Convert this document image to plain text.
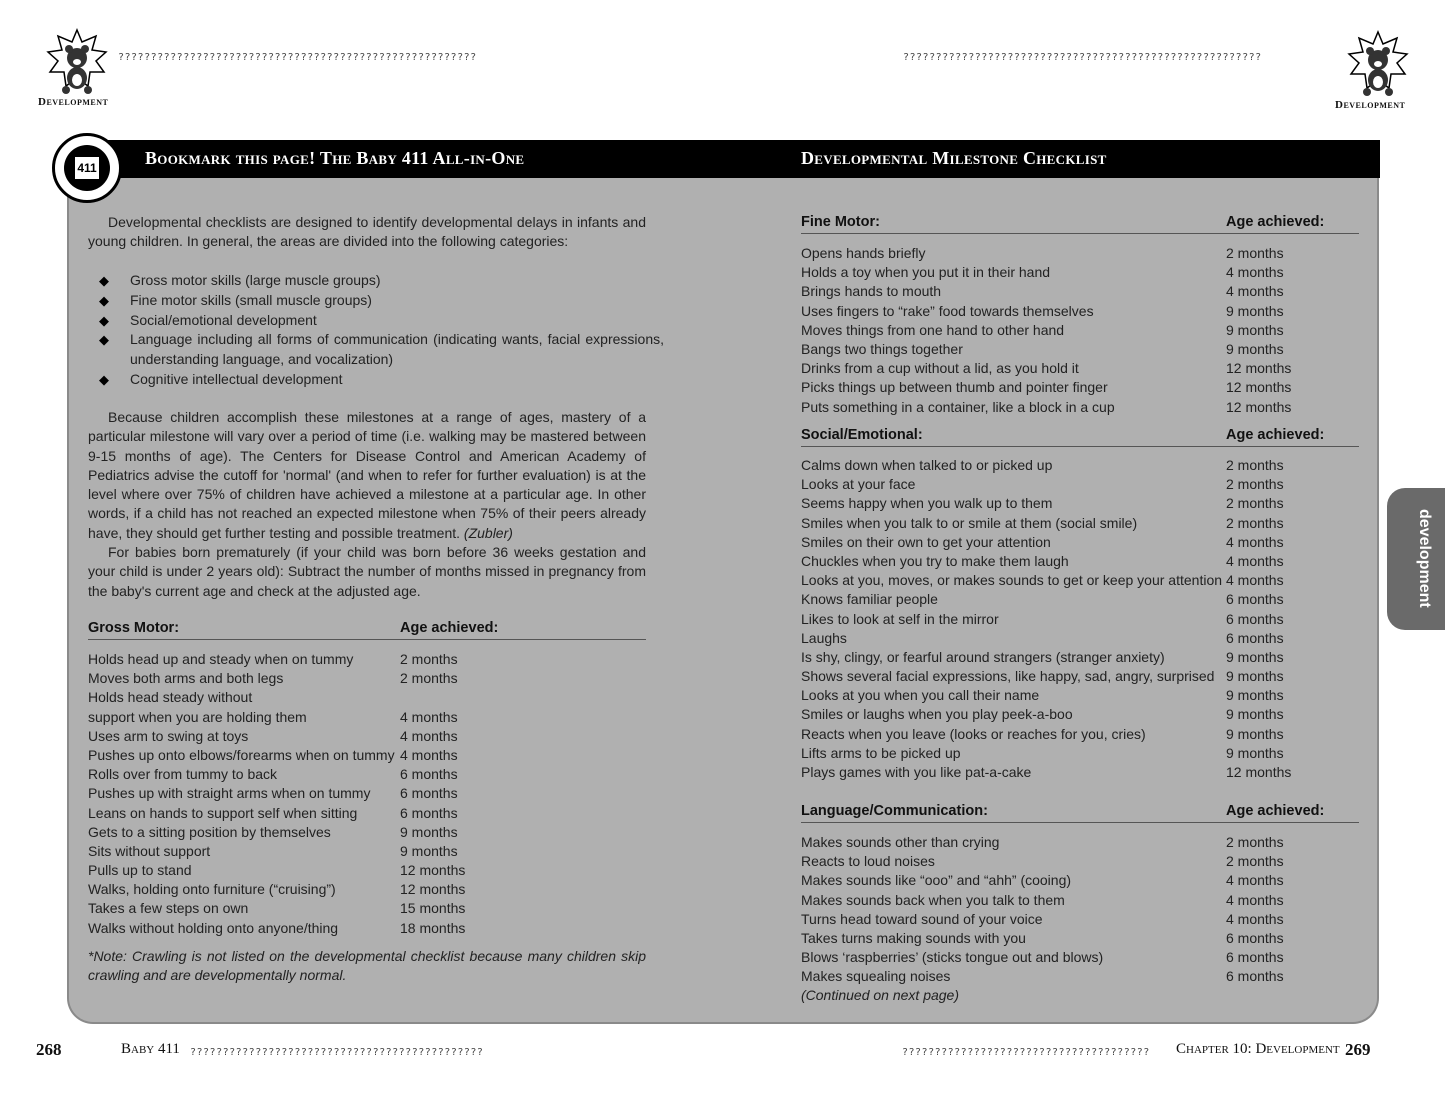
Development
???????????????????????????????????????????????????????	???????????????????????????????????????????????????????
Development
Bookmark this page! The Baby 411 All-in-One	Developmental Milestone Checklist
411
development
Developmental checklists are designed to identify developmental delays in infants and young children. In general, the areas are divided into the following categories:
◆ Gross motor skills (large muscle groups)
◆ Fine motor skills (small muscle groups)
◆ Social/emotional development
◆ Language including all forms of communication (indicating wants, facial expressions, understanding language, and vocalization)
◆ Cognitive intellectual development
Because children accomplish these milestones at a range of ages, mastery of a particular milestone will vary over a period of time (i.e. walking may be mastered between 9-15 months of age). The Centers for Disease Control and American Academy of Pediatrics advise the cutoff for 'normal' (and when to refer for further evaluation) is at the level where over 75% of children have achieved a milestone at a particular age. In other words, if a child has not reached an expected milestone when 75% of their peers already have, they should get further testing and possible treatment. (Zubler)
For babies born prematurely (if your child was born before 36 weeks gestation and your child is under 2 years old): Subtract the number of months missed in pregnancy from the baby's current age and check at the adjusted age.
Gross Motor:	Age achieved:
Holds head up and steady when on tummy	2 months
Moves both arms and both legs	2 months
Holds head steady without
support when you are holding them	4 months
Uses arm to swing at toys	4 months
Pushes up onto elbows/forearms when on tummy 4 months
Rolls over from tummy to back	6 months
Pushes up with straight arms when on tummy 6 months
Leans on hands to support self when sitting	6 months
Gets to a sitting position by themselves	9 months
Sits without support	9 months
Pulls up to stand	12 months
Walks, holding onto furniture (“cruising”)	12 months
Takes a few steps on own	15 months
Walks without holding onto anyone/thing	18 months
*Note: Crawling is not listed on the developmental checklist because many children skip crawling and are developmentally normal.
Fine Motor:	Age achieved:
Opens hands briefly	2 months
Holds a toy when you put it in their hand	4 months
Brings hands to mouth	4 months
Uses fingers to “rake” food towards themselves	9 months
Moves things from one hand to other hand	9 months
Bangs two things together	9 months
Drinks from a cup without a lid, as you hold it	12 months
Picks things up between thumb and pointer finger	12 months
Puts something in a container, like a block in a cup	12 months
Social/Emotional:	Age achieved:
Calms down when talked to or picked up	2 months
Looks at your face	2 months
Seems happy when you walk up to them	2 months
Smiles when you talk to or smile at them (social smile)	2 months
Smiles on their own to get your attention	4 months
Chuckles when you try to make them laugh	4 months
Looks at you, moves, or makes sounds to get or keep your attention 4 months
Knows familiar people	6 months
Likes to look at self in the mirror	6 months
Laughs	6 months
Is shy, clingy, or fearful around strangers (stranger anxiety)	9 months
Shows several facial expressions, like happy, sad, angry, surprised 9 months
Looks at you when you call their name	9 months
Smiles or laughs when you play peek-a-boo	9 months
Reacts when you leave (looks or reaches for you, cries)	9 months
Lifts arms to be picked up	9 months
Plays games with you like pat-a-cake	12 months
Language/Communication:	Age achieved:
Makes sounds other than crying	2 months
Reacts to loud noises	2 months
Makes sounds like “ooo” and “ahh” (cooing)	4 months
Makes sounds back when you talk to them	4 months
Turns head toward sound of your voice	4 months
Takes turns making sounds with you	6 months
Blows ‘raspberries’ (sticks tongue out and blows)	6 months
Makes squealing noises	6 months
(Continued on next page)
268	Baby 411 ?????????????????????????????????????????????	??????????????????????????????????????	Chapter 10: Development 269
